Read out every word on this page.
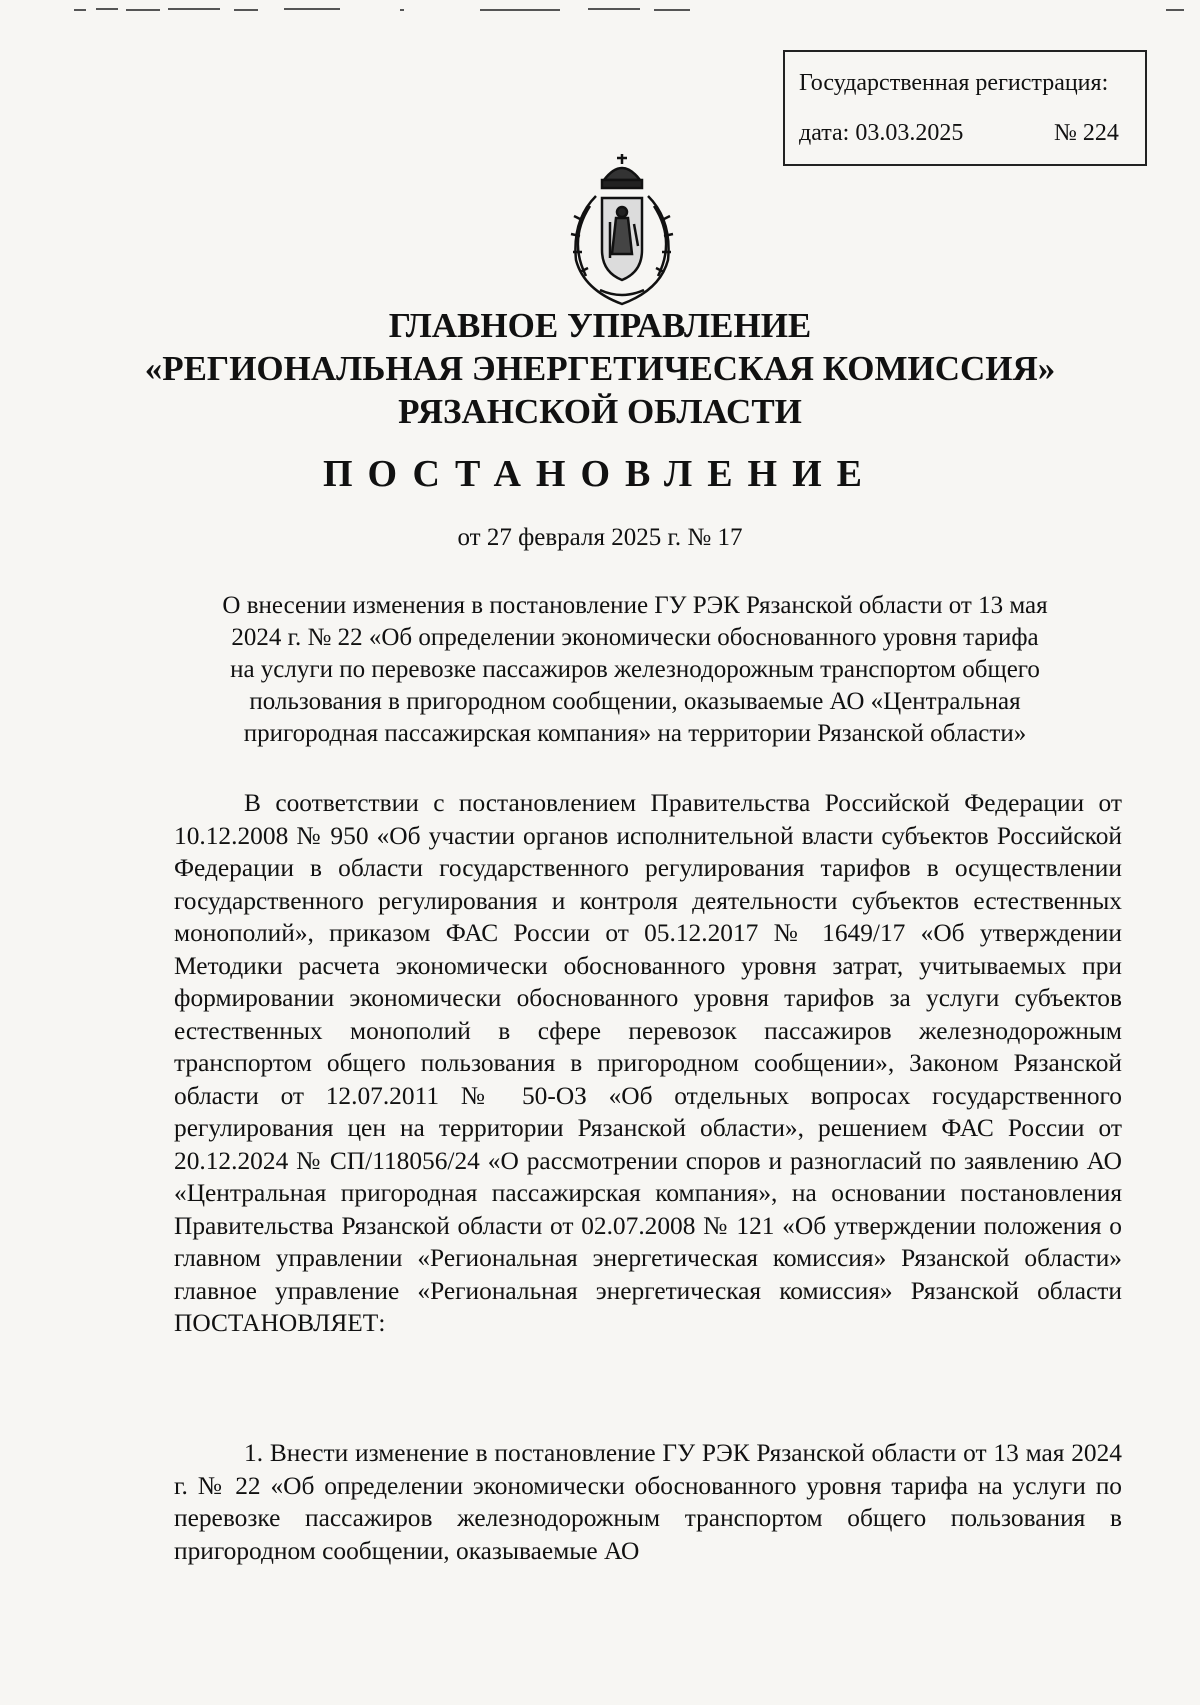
Государственная регистрация:
дата: 03.03.2025	№ 224
ГЛАВНОЕ УПРАВЛЕНИЕ
«РЕГИОНАЛЬНАЯ ЭНЕРГЕТИЧЕСКАЯ КОМИССИЯ»
РЯЗАНСКОЙ ОБЛАСТИ
ПОСТАНОВЛЕНИЕ
от 27 февраля 2025 г. № 17
О внесении изменения в постановление ГУ РЭК Рязанской области от 13 мая
2024 г. № 22 «Об определении экономически обоснованного уровня тарифа
на услуги по перевозке пассажиров железнодорожным транспортом общего
пользования в пригородном сообщении, оказываемые АО «Центральная
пригородная пассажирская компания» на территории Рязанской области»

В соответствии с постановлением Правительства Российской Федерации от 10.12.2008 № 950 «Об участии органов исполнительной власти субъектов Российской Федерации в области государственного регулирования тарифов в осуществлении государственного регулирования и контроля деятельности субъектов естественных монополий», приказом ФАС России от 05.12.2017 № 1649/17 «Об утверждении Методики расчета экономически обоснованного уровня затрат, учитываемых при формировании экономически обоснованного уровня тарифов за услуги субъектов естественных монополий в сфере перевозок пассажиров железнодорожным транспортом общего пользования в пригородном сообщении», Законом Рязанской области от 12.07.2011 № 50-ОЗ «Об отдельных вопросах государственного регулирования цен на территории Рязанской области», решением ФАС России от 20.12.2024 № СП/118056/24 «О рассмотрении споров и разногласий по заявлению АО «Центральная пригородная пассажирская компания», на основании постановления Правительства Рязанской области от 02.07.2008 № 121 «Об утверждении положения о главном управлении «Региональная энергетическая комиссия» Рязанской области» главное управление «Региональная энергетическая комиссия» Рязанской области ПОСТАНОВЛЯЕТ:

1. Внести изменение в постановление ГУ РЭК Рязанской области от 13 мая 2024 г. № 22 «Об определении экономически обоснованного уровня тарифа на услуги по перевозке пассажиров железнодорожным транспортом общего пользования в пригородном сообщении, оказываемые АО
